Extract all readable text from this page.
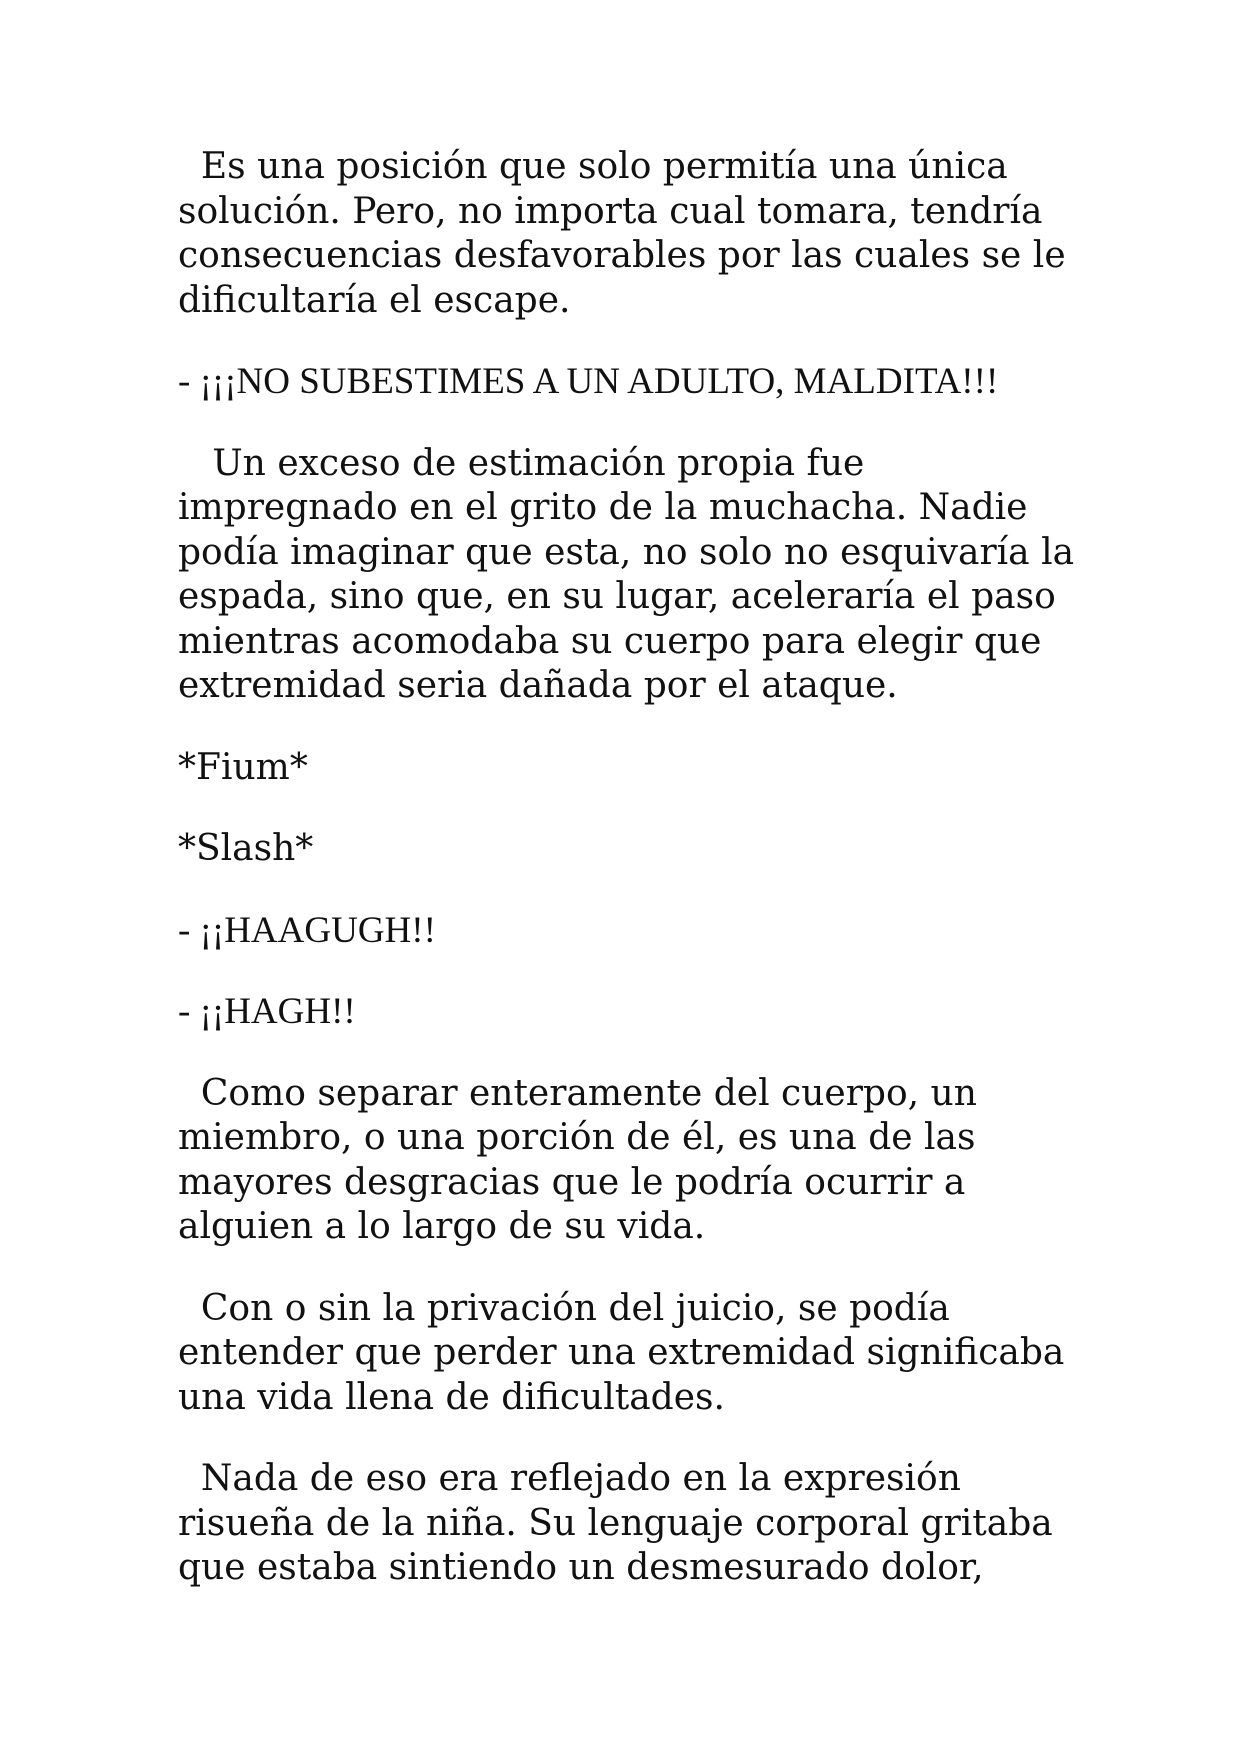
Es una posición que solo permitía una única solución. Pero, no importa cual tomara, tendría consecuencias desfavorables por las cuales se le dificultaría el escape.

- ¡¡¡NO SUBESTIMES A UN ADULTO, MALDITA!!!

Un exceso de estimación propia fue impregnado en el grito de la muchacha. Nadie podía imaginar que esta, no solo no esquivaría la espada, sino que, en su lugar, aceleraría el paso mientras acomodaba su cuerpo para elegir que extremidad seria dañada por el ataque.

*Fium*

*Slash*

- ¡¡HAAGUGH!!

- ¡¡HAGH!!

Como separar enteramente del cuerpo, un miembro, o una porción de él, es una de las mayores desgracias que le podría ocurrir a alguien a lo largo de su vida.

Con o sin la privación del juicio, se podía entender que perder una extremidad significaba una vida llena de dificultades.

Nada de eso era reflejado en la expresión risueña de la niña. Su lenguaje corporal gritaba que estaba sintiendo un desmesurado dolor,
